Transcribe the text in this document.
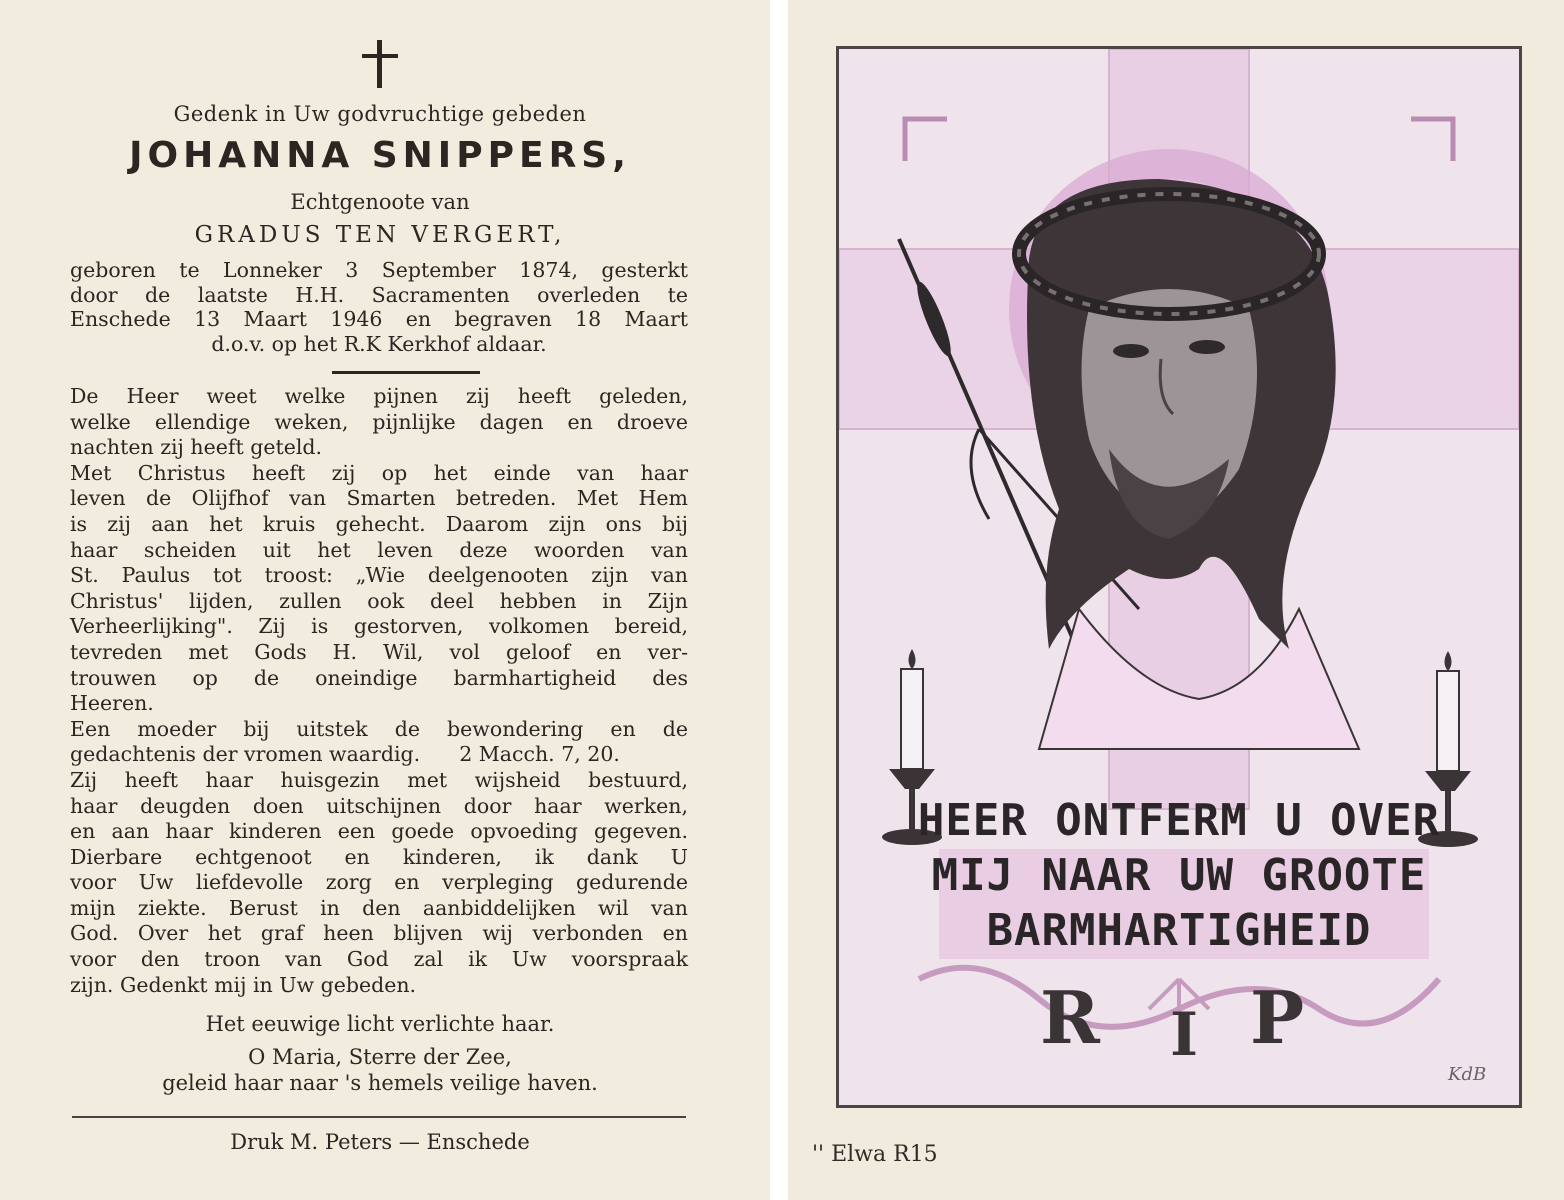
Gedenk in Uw godvruchtige gebeden
JOHANNA SNIPPERS,
Echtgenoote van
GRADUS TEN VERGERT,
geboren te Lonneker 3 September 1874, gesterkt
door de laatste H.H. Sacramenten overleden te
Enschede 13 Maart 1946 en begraven 18 Maart
d.o.v. op het R.K Kerkhof aldaar.
De Heer weet welke pijnen zij heeft geleden,
welke ellendige weken, pijnlijke dagen en droeve
nachten zij heeft geteld.
Met Christus heeft zij op het einde van haar
leven de Olijfhof van Smarten betreden. Met Hem
is zij aan het kruis gehecht. Daarom zijn ons bij
haar scheiden uit het leven deze woorden van
St. Paulus tot troost: „Wie deelgenooten zijn van
Christus' lijden, zullen ook deel hebben in Zijn
Verheerlijking". Zij is gestorven, volkomen bereid,
tevreden met Gods H. Wil, vol geloof en ver-
trouwen op de oneindige barmhartigheid des
Heeren.
Een moeder bij uitstek de bewondering en de
gedachtenis der vromen waardig.      2 Macch. 7, 20.
Zij heeft haar huisgezin met wijsheid bestuurd,
haar deugden doen uitschijnen door haar werken,
en aan haar kinderen een goede opvoeding gegeven.
Dierbare echtgenoot en kinderen, ik dank U
voor Uw liefdevolle zorg en verpleging gedurende
mijn ziekte. Berust in den aanbiddelijken wil van
God. Over het graf heen blijven wij verbonden en
voor den troon van God zal ik Uw voorspraak
zijn. Gedenkt mij in Uw gebeden.
Het eeuwige licht verlichte haar.
O Maria, Sterre der Zee,
geleid haar naar 's hemels veilige haven.
Druk M. Peters — Enschede
HEER ONTFERM U OVER
MIJ NAAR UW GROOTE
BARMHARTIGHEID
R I P
KdB
'' Elwa R15
